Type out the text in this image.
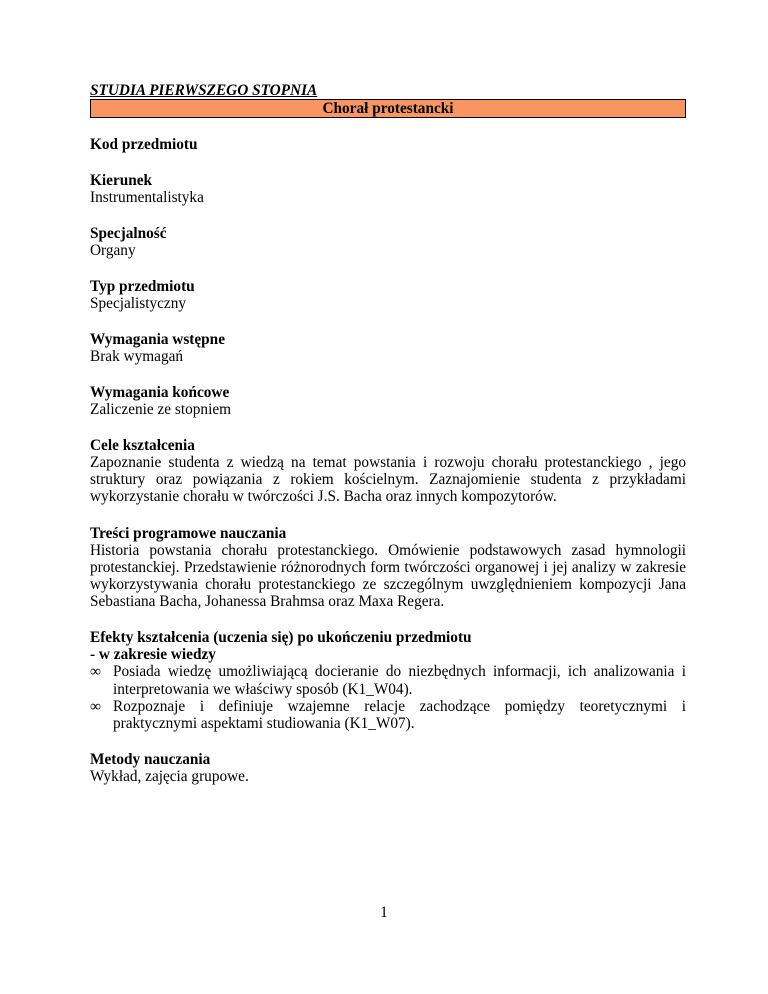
STUDIA PIERWSZEGO STOPNIA
Chorał protestancki
Kod przedmiotu
Kierunek
Instrumentalistyka
Specjalność
Organy
Typ przedmiotu
Specjalistyczny
Wymagania wstępne
Brak wymagań
Wymagania końcowe
Zaliczenie ze stopniem
Cele kształcenia
Zapoznanie studenta z wiedzą na temat powstania i rozwoju chorału protestanckiego , jego struktury oraz powiązania z rokiem kościelnym. Zaznajomienie studenta z przykładami wykorzystanie chorału w twórczości J.S. Bacha oraz innych kompozytorów.
Treści programowe nauczania
Historia powstania chorału protestanckiego. Omówienie podstawowych zasad hymnologii protestanckiej. Przedstawienie różnorodnych form twórczości organowej i jej analizy w zakresie wykorzystywania chorału protestanckiego ze szczególnym uwzględnieniem kompozycji Jana Sebastiana Bacha, Johanessa Brahmsa oraz Maxa Regera.
Efekty kształcenia (uczenia się) po ukończeniu przedmiotu
- w zakresie wiedzy
∞ Posiada wiedzę umożliwiającą docieranie do niezbędnych informacji, ich analizowania i interpretowania we właściwy sposób (K1_W04).
∞ Rozpoznaje i definiuje wzajemne relacje zachodzące pomiędzy teoretycznymi i praktycznymi aspektami studiowania (K1_W07).
Metody nauczania
Wykład, zajęcia grupowe.
1
